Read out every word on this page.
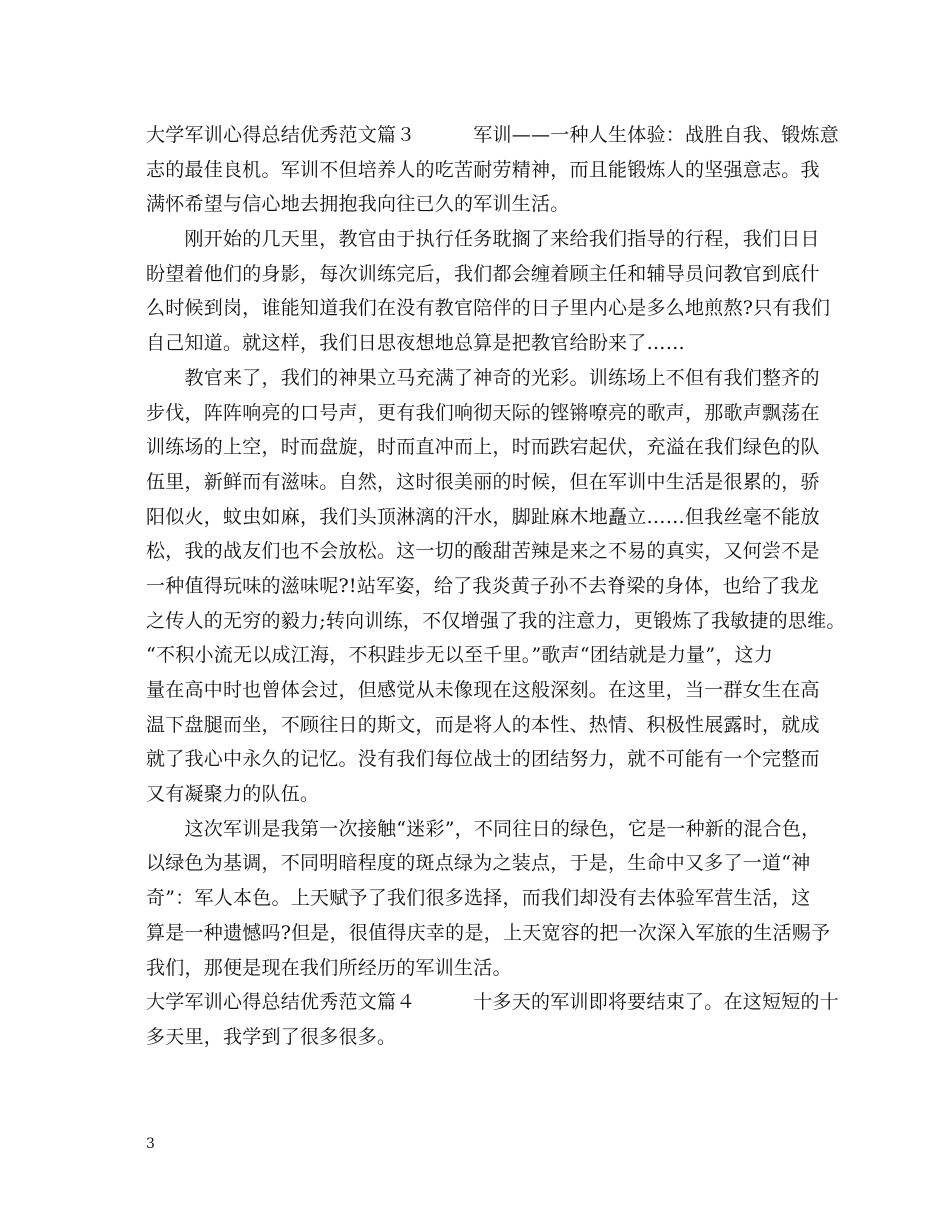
大学军训心得总结优秀范文篇３　　　军训——一种人生体验：战胜自我、锻炼意
志的最佳良机。军训不但培养人的吃苦耐劳精神，而且能锻炼人的坚强意志。我
满怀希望与信心地去拥抱我向往已久的军训生活。
　　刚开始的几天里，教官由于执行任务耽搁了来给我们指导的行程，我们日日
盼望着他们的身影，每次训练完后，我们都会缠着顾主任和辅导员问教官到底什
么时候到岗，谁能知道我们在没有教官陪伴的日子里内心是多么地煎熬?只有我们
自己知道。就这样，我们日思夜想地总算是把教官给盼来了……
　　教官来了，我们的神果立马充满了神奇的光彩。训练场上不但有我们整齐的
步伐，阵阵响亮的口号声，更有我们响彻天际的铿锵嘹亮的歌声，那歌声飘荡在
训练场的上空，时而盘旋，时而直冲而上，时而跌宕起伏，充溢在我们绿色的队
伍里，新鲜而有滋味。自然，这时很美丽的时候，但在军训中生活是很累的，骄
阳似火，蚊虫如麻，我们头顶淋漓的汗水，脚趾麻木地矗立……但我丝毫不能放
松，我的战友们也不会放松。这一切的酸甜苦辣是来之不易的真实，又何尝不是
一种值得玩味的滋味呢?!站军姿，给了我炎黄子孙不去脊梁的身体，也给了我龙
之传人的无穷的毅力;转向训练，不仅增强了我的注意力，更锻炼了我敏捷的思维。
“不积小流无以成江海，不积跬步无以至千里。”歌声“团结就是力量”，这力
量在高中时也曾体会过，但感觉从未像现在这般深刻。在这里，当一群女生在高
温下盘腿而坐，不顾往日的斯文，而是将人的本性、热情、积极性展露时，就成
就了我心中永久的记忆。没有我们每位战士的团结努力，就不可能有一个完整而
又有凝聚力的队伍。
　　这次军训是我第一次接触“迷彩”，不同往日的绿色，它是一种新的混合色，
以绿色为基调，不同明暗程度的斑点绿为之装点，于是，生命中又多了一道“神
奇”：军人本色。上天赋予了我们很多选择，而我们却没有去体验军营生活，这
算是一种遗憾吗?但是，很值得庆幸的是，上天宽容的把一次深入军旅的生活赐予
我们，那便是现在我们所经历的军训生活。
大学军训心得总结优秀范文篇４　　　十多天的军训即将要结束了。在这短短的十
多天里，我学到了很多很多。
3
